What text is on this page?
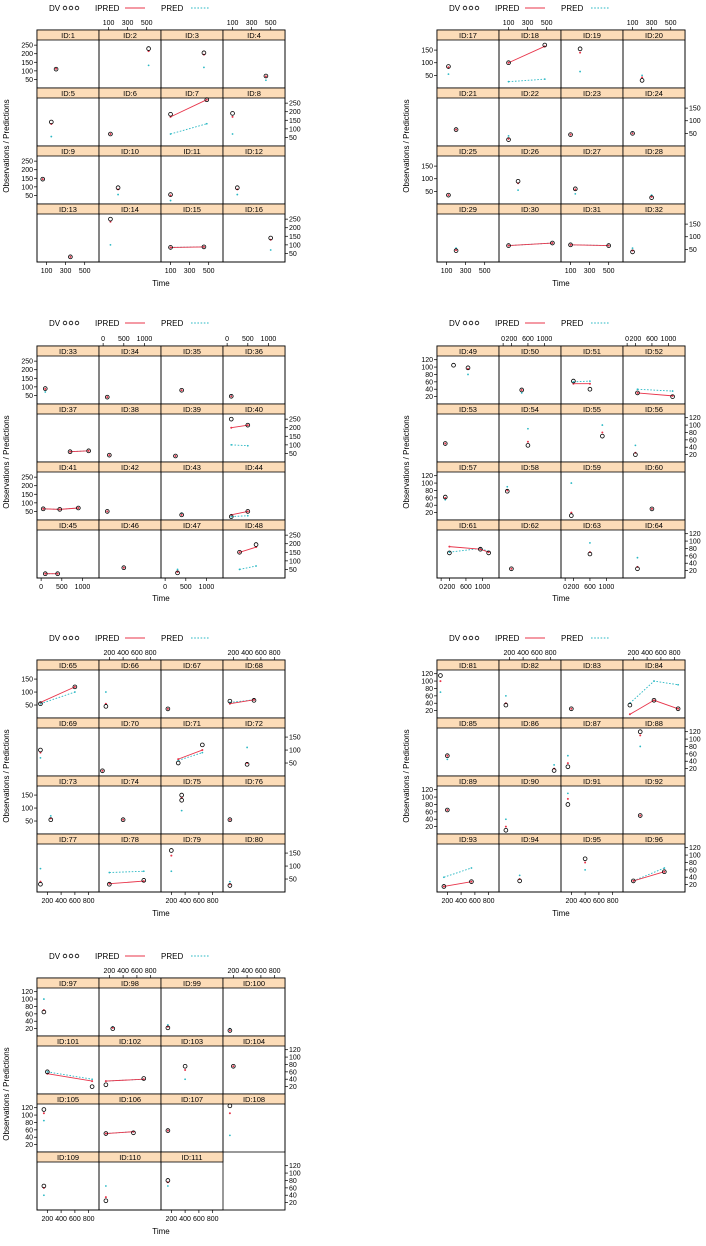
DV	IPRED	PRED
ID:1	ID:2	ID:3	ID:4
ID:5	ID:6	ID:7	ID:8
ID:9	ID:10	ID:11	ID:12
ID:13	ID:14	ID:15	ID:16
100 300 500
100 300 500
100 300 500
100 300 500
50
100
150
200
250
50
100
150
200
250
50
100
150
200
250
50
100
150
200
250
Time
Observations / Predictions
DV	IPRED	PRED
ID:17	ID:18	ID:19	ID:20
ID:21	ID:22	ID:23	ID:24
ID:25	ID:26	ID:27	ID:28
ID:29	ID:30	ID:31	ID:32
100 300 500
100 300 500
100 300 500
100 300 500
50
100
150
50
100
150
50
100
150
50
100
150
Time
Observations / Predictions
DV	IPRED	PRED
ID:33	ID:34	ID:35	ID:36
ID:37	ID:38	ID:39	ID:40
ID:41	ID:42	ID:43	ID:44
ID:45	ID:46	ID:47	ID:48
0 500 1000
0 500 1000
0 500 1000
0 500 1000
50
100
150
200
250
50
100
150
200
250
50
100
150
200
250
50
100
150
200
250
Time
Observations / Predictions
DV	IPRED	PRED
ID:49	ID:50	ID:51	ID:52
ID:53	ID:54	ID:55	ID:56
ID:57	ID:58	ID:59	ID:60
ID:61	ID:62	ID:63	ID:64
0 200 600 1000
0 200 600 1000
0 200 600 1000
0 200 600 1000
20
40
60
80
100
120
20
40
60
80
100
120
20
40
60
80
100
120
20
40
60
80
100
120
Time
Observations / Predictions
DV	IPRED	PRED
ID:65	ID:66	ID:67	ID:68
ID:69	ID:70	ID:71	ID:72
ID:73	ID:74	ID:75	ID:76
ID:77	ID:78	ID:79	ID:80
200 400 600 800
200 400 600 800
200 400 600 800
200 400 600 800
50
100
150
50
100
150
50
100
150
50
100
150
Time
Observations / Predictions
DV	IPRED	PRED
ID:81	ID:82	ID:83	ID:84
ID:85	ID:86	ID:87	ID:88
ID:89	ID:90	ID:91	ID:92
ID:93	ID:94	ID:95	ID:96
200 400 600 800
200 400 600 800
200 400 600 800
200 400 600 800
20
40
60
80
100
120
20
40
60
80
100
120
20
40
60
80
100
120
20
40
60
80
100
120
Time
Observations / Predictions
DV	IPRED	PRED
ID:97	ID:98	ID:99	ID:100
ID:101	ID:102	ID:103	ID:104
ID:105	ID:106	ID:107	ID:108
ID:109	ID:110	ID:111
200 400 600 800
200 400 600 800
200 400 600 800
200 400 600 800
20
40
60
80
100
120
20
40
60
80
100
120
20
40
60
80
100
120
20
40
60
80
100
120
Time
Observations / Predictions
